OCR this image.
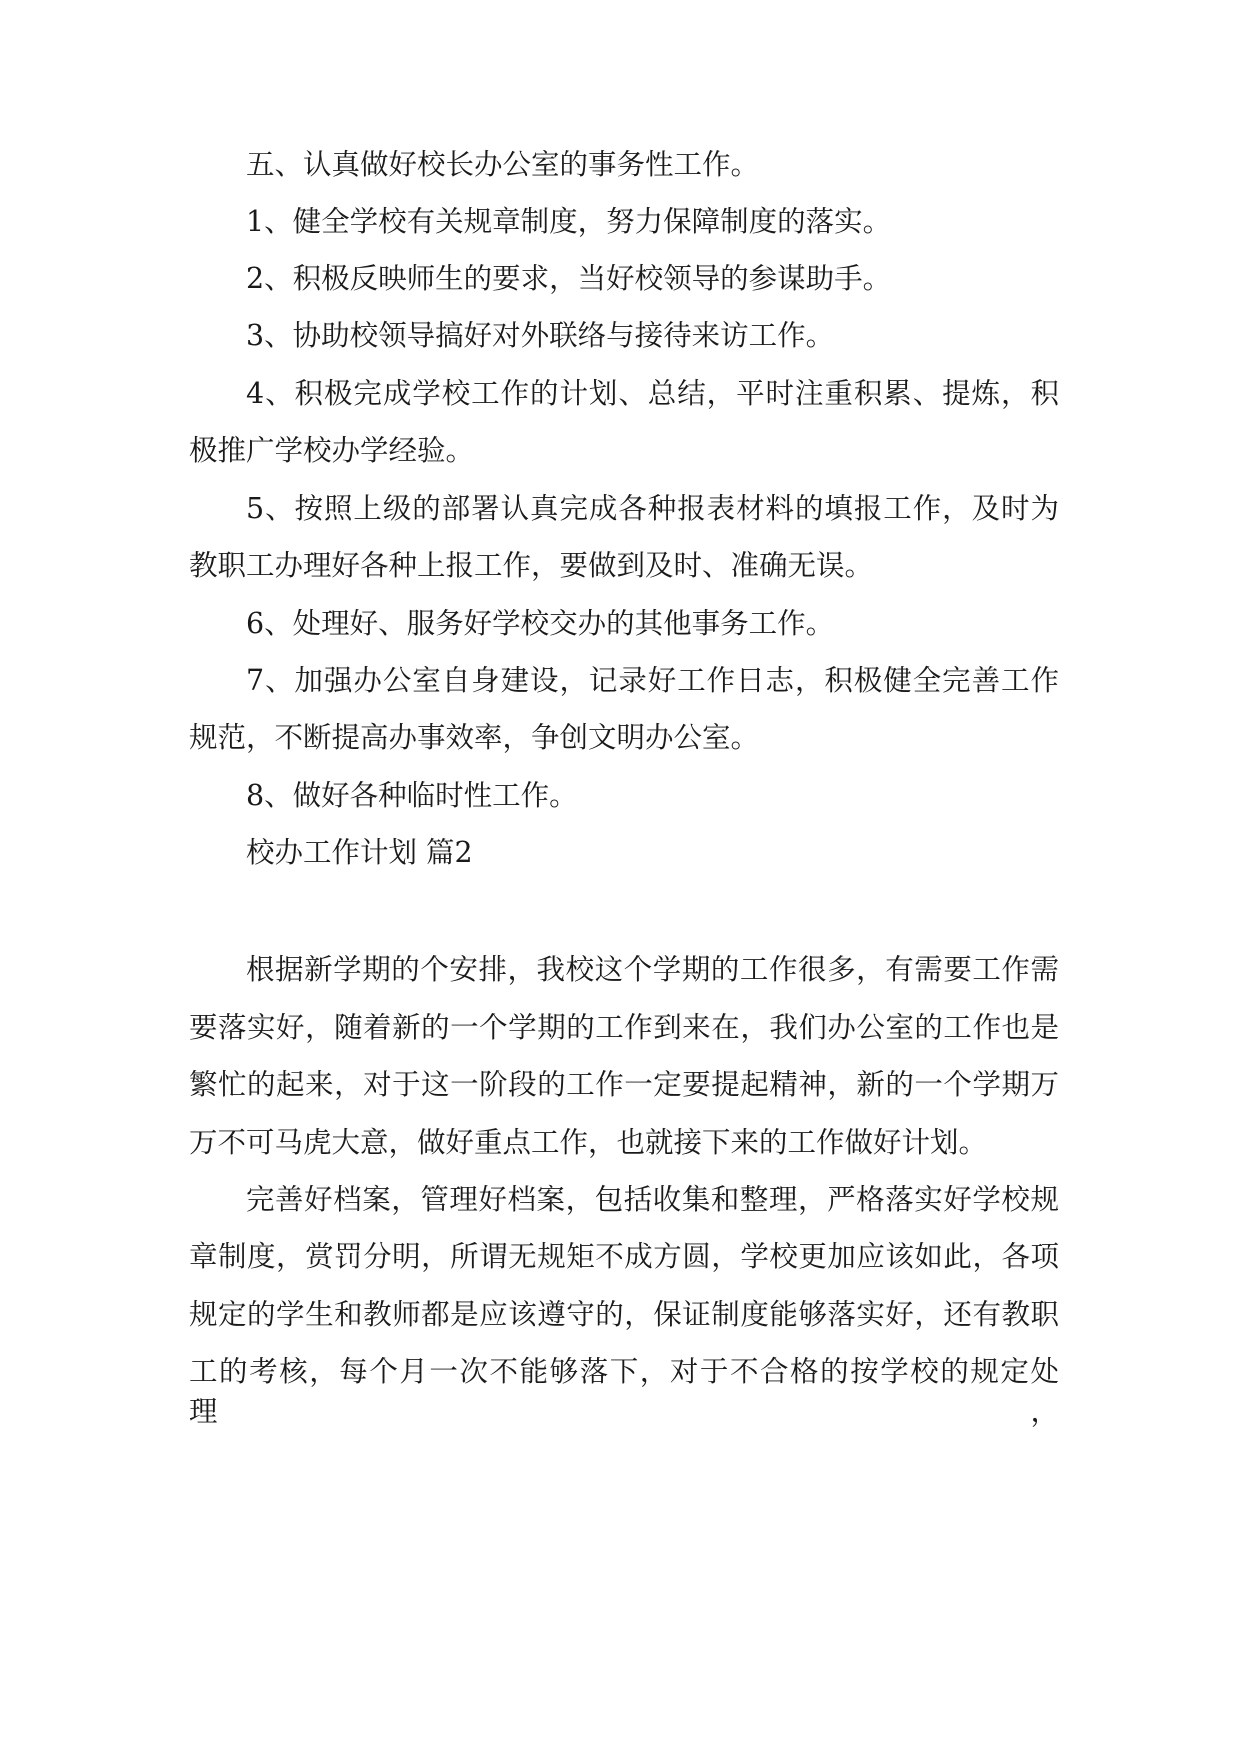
五、认真做好校长办公室的事务性工作。
1、健全学校有关规章制度，努力保障制度的落实。
2、积极反映师生的要求，当好校领导的参谋助手。
3、协助校领导搞好对外联络与接待来访工作。
4、积极完成学校工作的计划、总结，平时注重积累、提炼，积
极推广学校办学经验。
5、按照上级的部署认真完成各种报表材料的填报工作，及时为
教职工办理好各种上报工作，要做到及时、准确无误。
6、处理好、服务好学校交办的其他事务工作。
7、加强办公室自身建设，记录好工作日志，积极健全完善工作
规范，不断提高办事效率，争创文明办公室。
8、做好各种临时性工作。
校办工作计划 篇2
根据新学期的个安排，我校这个学期的工作很多，有需要工作需
要落实好，随着新的一个学期的工作到来在，我们办公室的工作也是
繁忙的起来，对于这一阶段的工作一定要提起精神，新的一个学期万
万不可马虎大意，做好重点工作，也就接下来的工作做好计划。
完善好档案，管理好档案，包括收集和整理，严格落实好学校规
章制度，赏罚分明，所谓无规矩不成方圆，学校更加应该如此，各项
规定的学生和教师都是应该遵守的，保证制度能够落实好，还有教职
工的考核，每个月一次不能够落下，对于不合格的按学校的规定处理，
